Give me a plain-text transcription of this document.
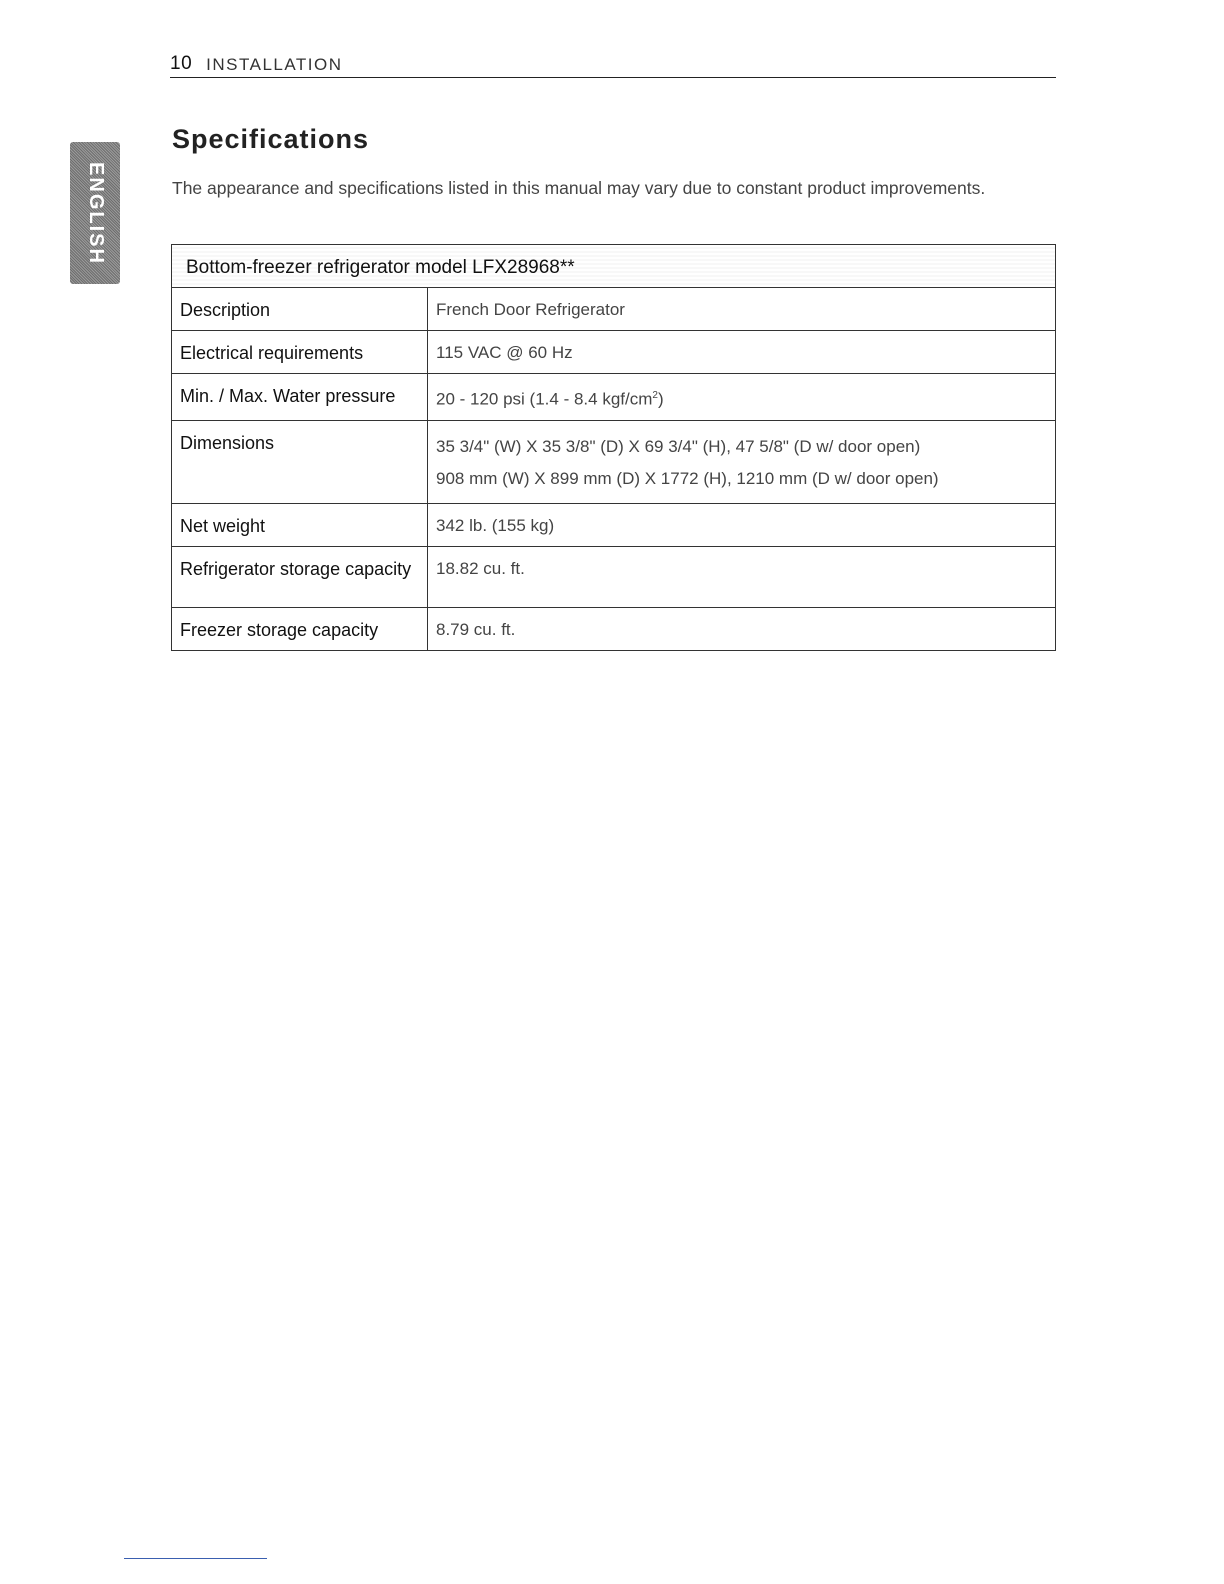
10 INSTALLATION
ENGLISH
Specifications

The appearance and specifications listed in this manual may vary due to constant product improvements.

Bottom-freezer refrigerator model LFX28968**	
Description	French Door Refrigerator
Electrical requirements	115 VAC @ 60 Hz
Min. / Max. Water pressure	20 - 120 psi (1.4 - 8.4 kgf/$cm^2$)
Dimensions	35 3/4" (W) X 35 3/8" (D) X 69 3/4" (H), 47 5/8" (D w/ door open)
908 mm (W) X 899 mm (D) X 1772 (H), 1210 mm (D w/ door open)

Net weight	342 lb. (155 kg)
Refrigerator storage capacity	18.82 cu. ft.
Freezer storage capacity	8.79 cu. ft.
